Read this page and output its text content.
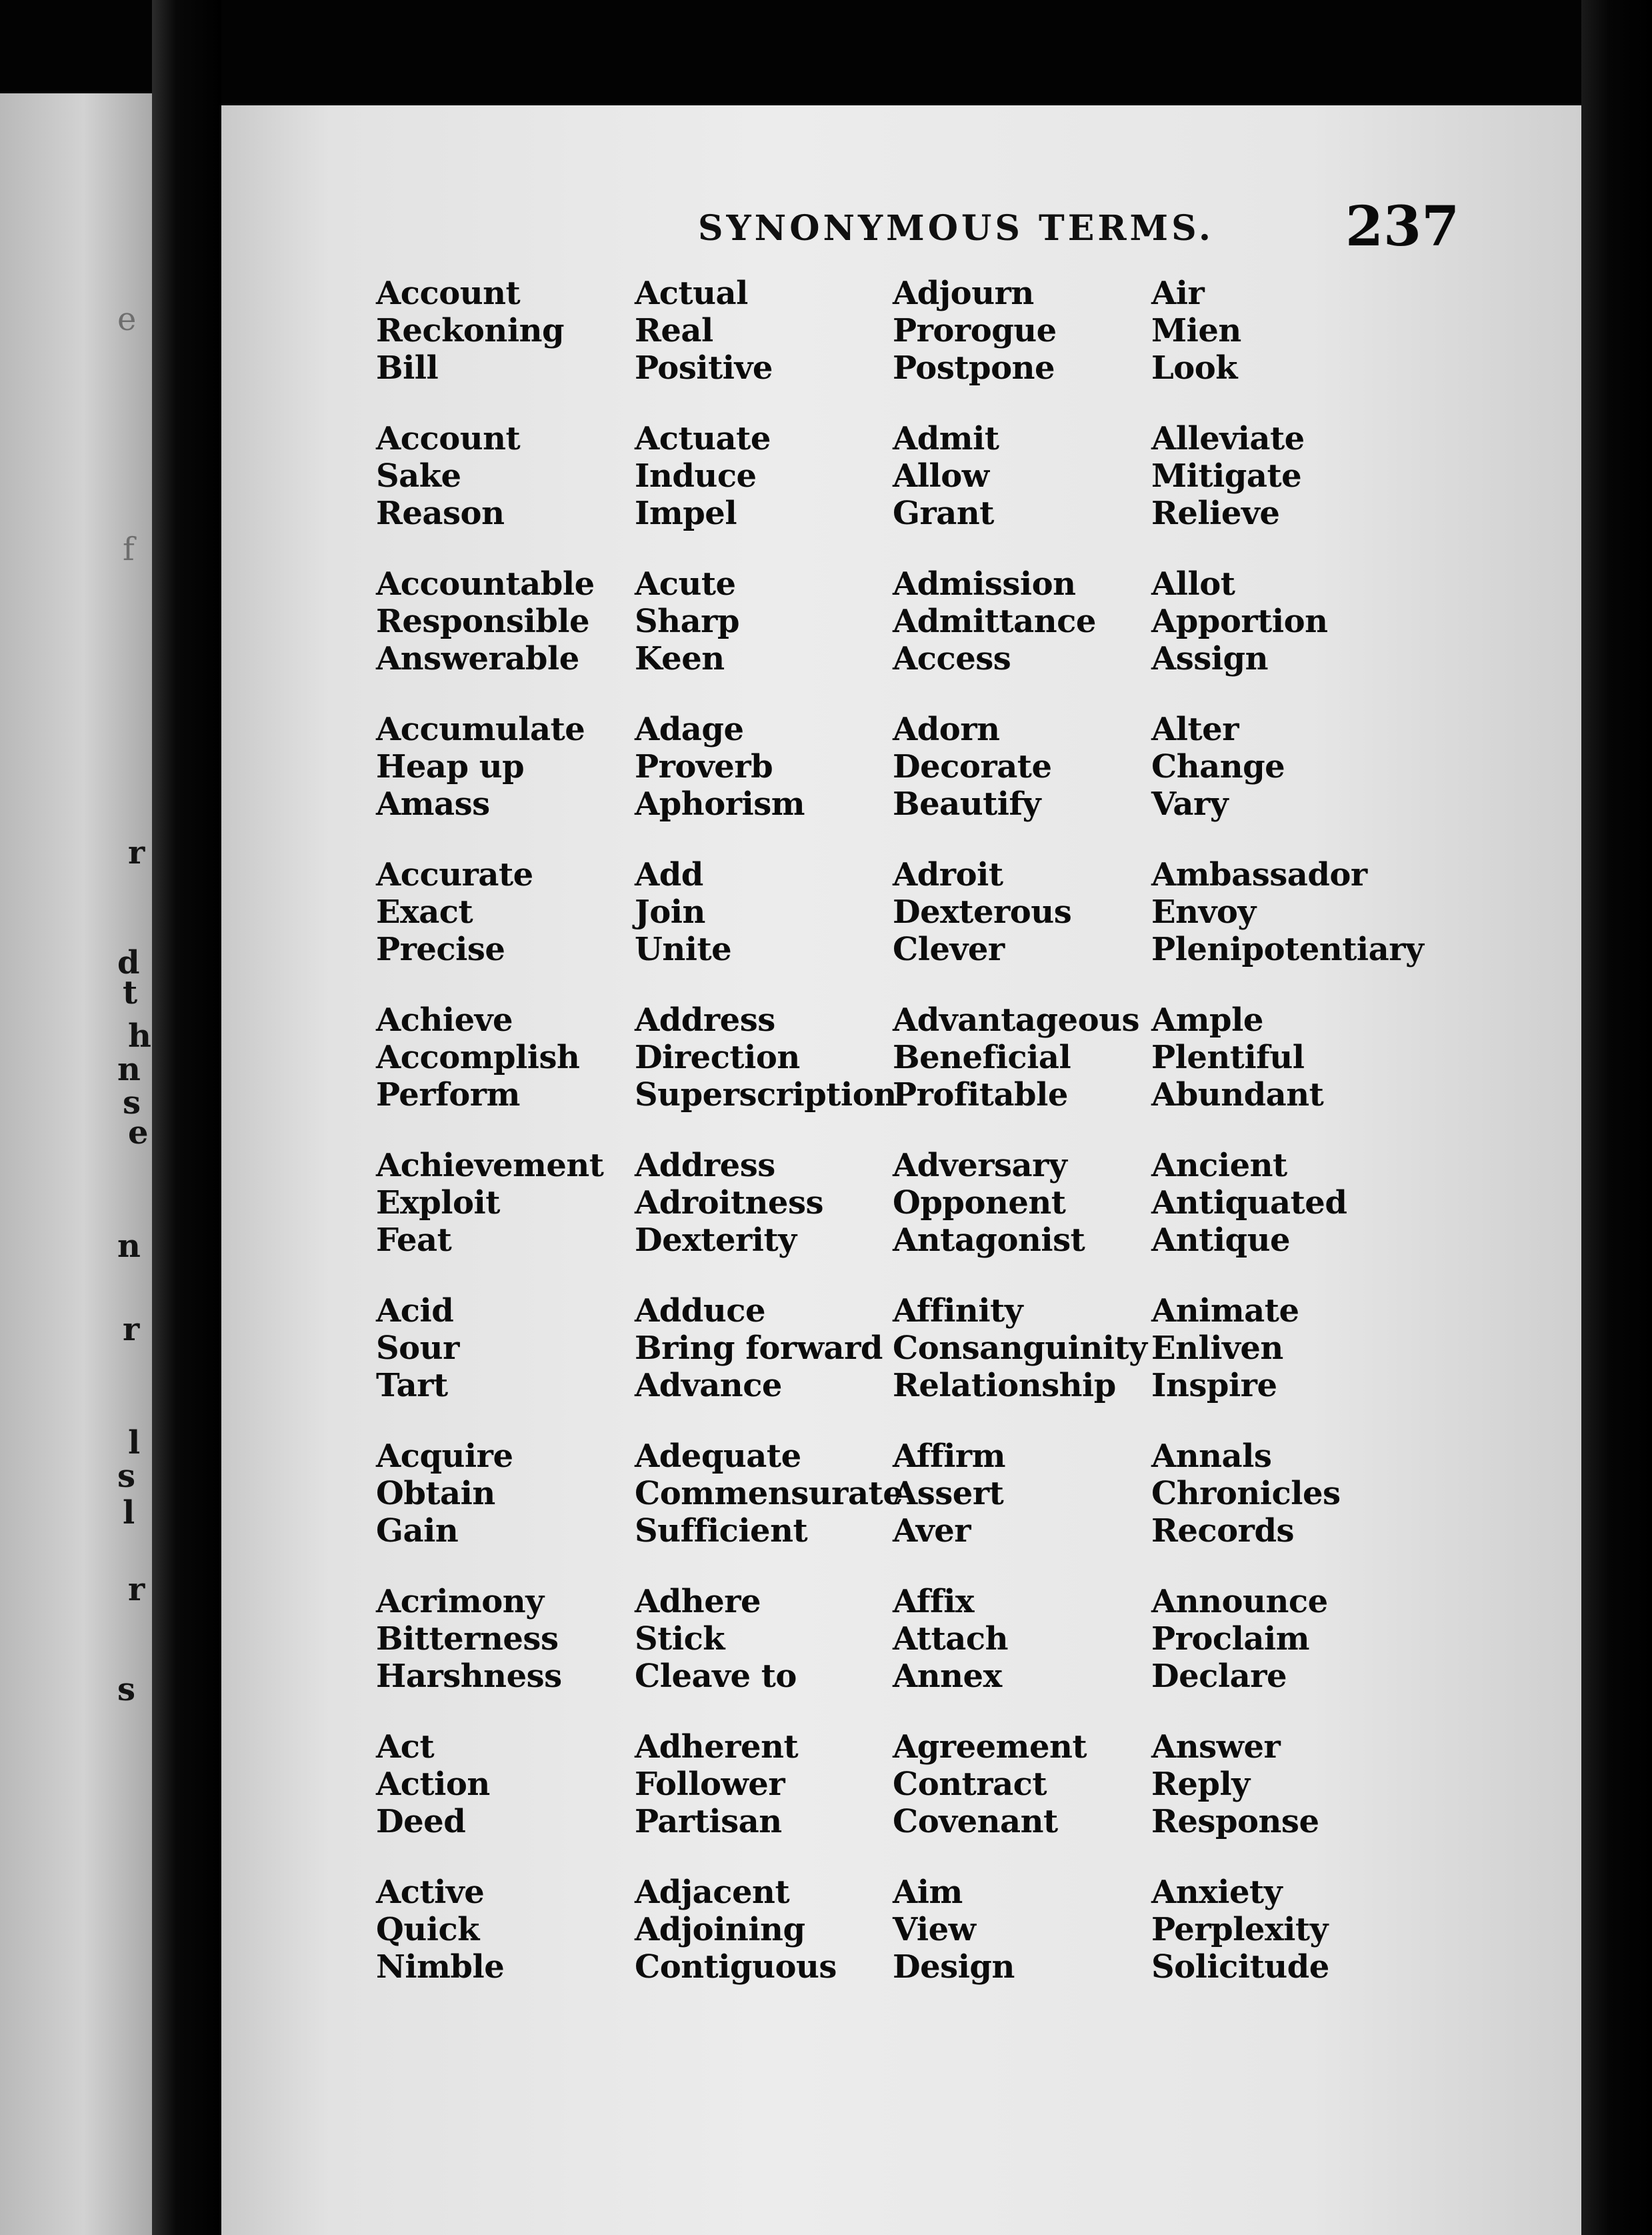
e
f
r
d
t
h
n
s
e
n
r
l
s
l
r
s
SYNONYMOUS TERMS. 237
Account
Reckoning
Bill
Account
Sake
Reason
Accountable
Responsible
Answerable
Accumulate
Heap up
Amass
Accurate
Exact
Precise
Achieve
Accomplish
Perform
Achievement
Exploit
Feat
Acid
Sour
Tart
Acquire
Obtain
Gain
Acrimony
Bitterness
Harshness
Act
Action
Deed
Active
Quick
Nimble
Actual
Real
Positive
Actuate
Induce
Impel
Acute
Sharp
Keen
Adage
Proverb
Aphorism
Add
Join
Unite
Address
Direction
Superscription
Address
Adroitness
Dexterity
Adduce
Bring forward
Advance
Adequate
Commensurate
Sufficient
Adhere
Stick
Cleave to
Adherent
Follower
Partisan
Adjacent
Adjoining
Contiguous
Adjourn
Prorogue
Postpone
Admit
Allow
Grant
Admission
Admittance
Access
Adorn
Decorate
Beautify
Adroit
Dexterous
Clever
Advantageous
Beneficial
Profitable
Adversary
Opponent
Antagonist
Affinity
Consanguinity
Relationship
Affirm
Assert
Aver
Affix
Attach
Annex
Agreement
Contract
Covenant
Aim
View
Design
Air
Mien
Look
Alleviate
Mitigate
Relieve
Allot
Apportion
Assign
Alter
Change
Vary
Ambassador
Envoy
Plenipotentiary
Ample
Plentiful
Abundant
Ancient
Antiquated
Antique
Animate
Enliven
Inspire
Annals
Chronicles
Records
Announce
Proclaim
Declare
Answer
Reply
Response
Anxiety
Perplexity
Solicitude
